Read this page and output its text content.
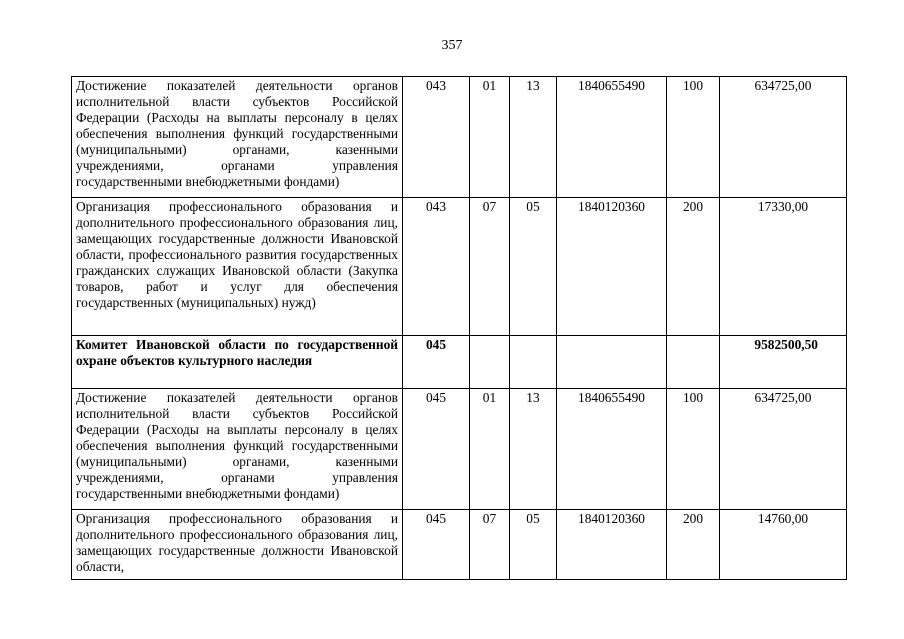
357
Достижение показателей деятельности органов исполнительной власти субъектов Российской Федерации (Расходы на выплаты персоналу в целях обеспечения выполнения функций государственными (муниципальными) органами, казенными учреждениями, органами управления государственными внебюджетными фондами)	043	01	13	1840655490	100	634725,00
Организация профессионального образования и дополнительного профессионального образования лиц, замещающих государственные должности Ивановской области, профессионального развития государственных гражданских служащих Ивановской области (Закупка товаров, работ и услуг для обеспечения государственных (муниципальных) нужд)	043	07	05	1840120360	200	17330,00
Комитет Ивановской области по государственной охране объектов культурного наследия	045					9582500,50
Достижение показателей деятельности органов исполнительной власти субъектов Российской Федерации (Расходы на выплаты персоналу в целях обеспечения выполнения функций государственными (муниципальными) органами, казенными учреждениями, органами управления государственными внебюджетными фондами)	045	01	13	1840655490	100	634725,00
Организация профессионального образования и дополнительного профессионального образования лиц, замещающих государственные должности Ивановской области,	045	07	05	1840120360	200	14760,00
